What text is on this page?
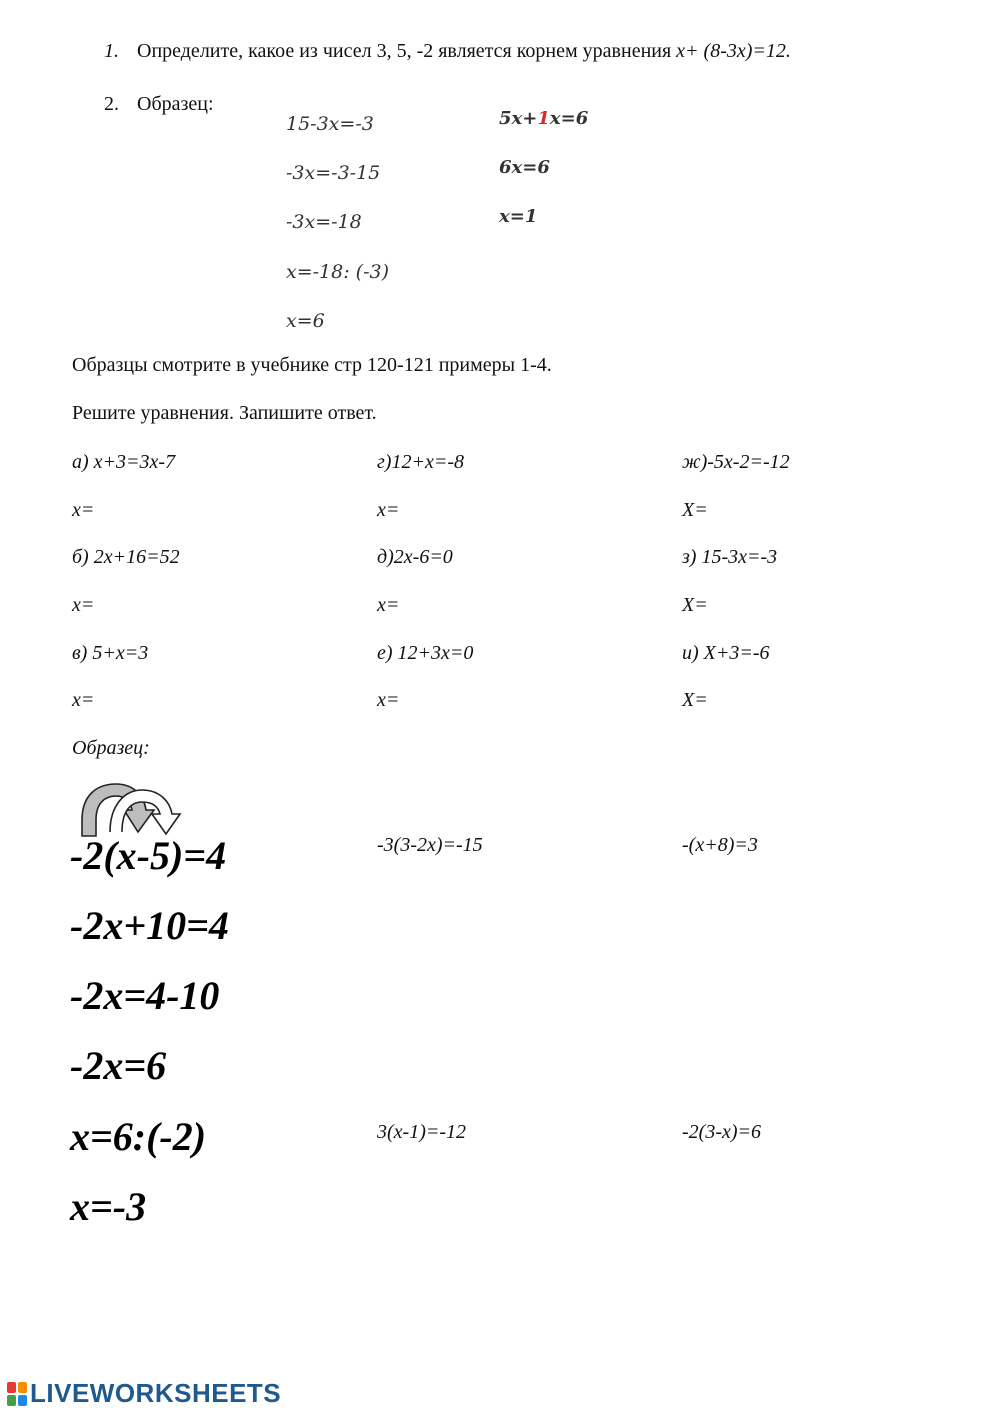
1. Определите, какое из чисел 3, 5, -2 является корнем уравнения x+ (8-3x)=12.
2. Образец:
15-3x=-3
-3x=-3-15
-3x=-18
x=-18: (-3)
x=6
5x+1x=6
6x=6
x=1
Образцы смотрите в учебнике стр 120-121 примеры 1-4.
Решите уравнения. Запишите ответ.
а) x+3=3x-7
x=
б) 2x+16=52
x=
в) 5+x=3
x=
г)12+x=-8
x=
д)2x-6=0
x=
е) 12+3x=0
x=
ж)-5x-2=-12
X=
з) 15-3x=-3
X=
и) X+3=-6
X=
Образец:
-2(x-5)=4
-2x+10=4
-2x=4-10
-2x=6
x=6:(-2)
x=-3
-3(3-2x)=-15	-(x+8)=3
3(x-1)=-12	-2(3-x)=6
LIVEWORKSHEETS
